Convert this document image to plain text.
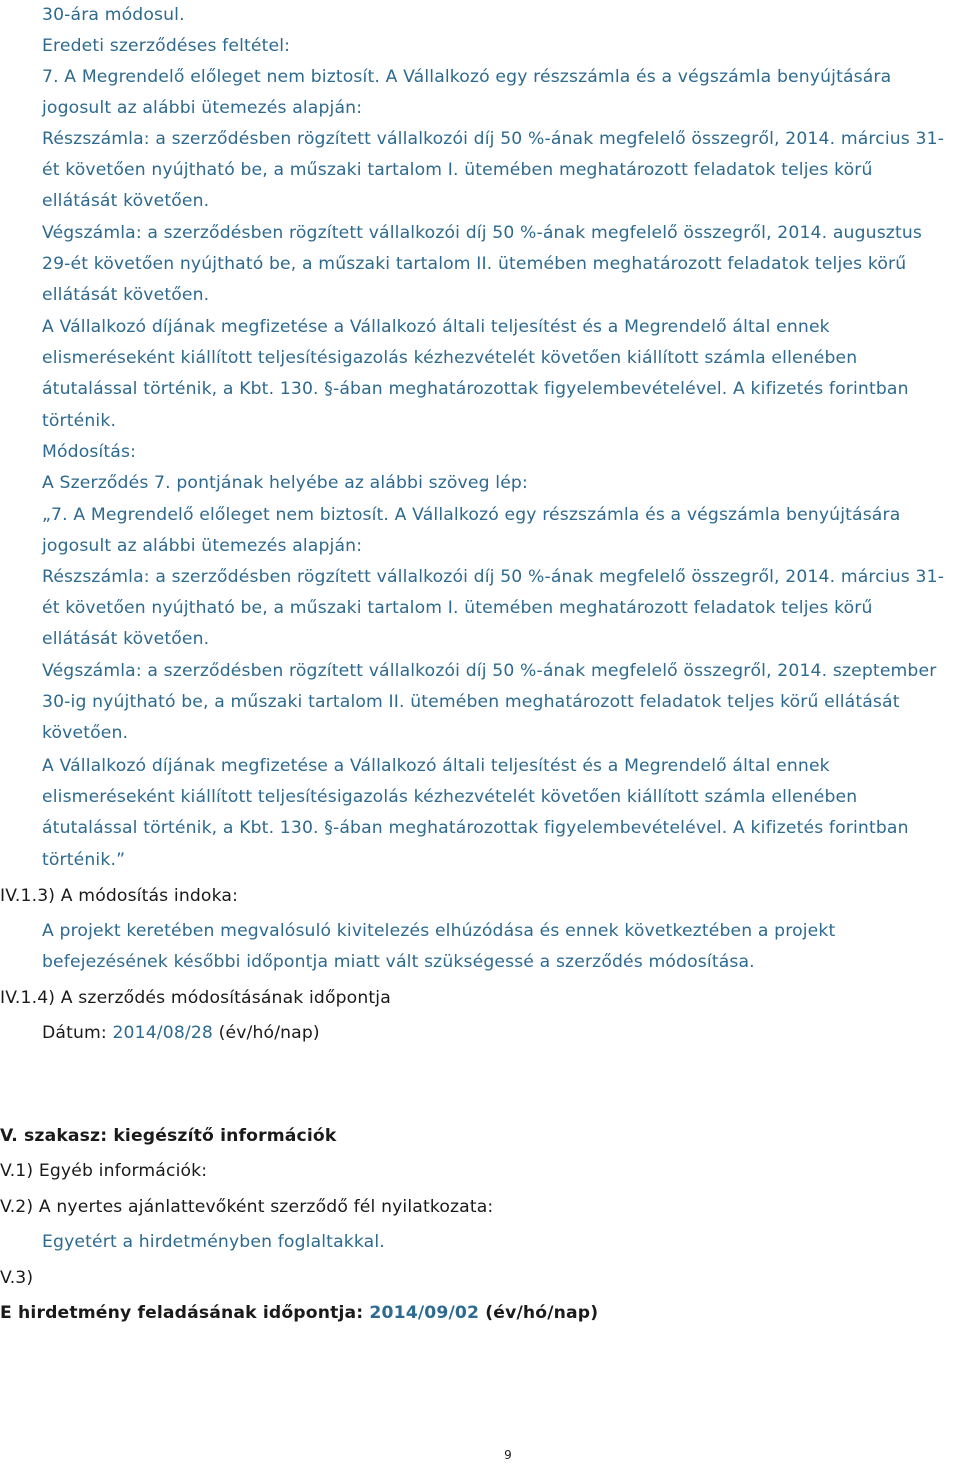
30-ára módosul.

Eredeti szerződéses feltétel:

7. A Megrendelő előleget nem biztosít. A Vállalkozó egy részszámla és a végszámla benyújtására jogosult az alábbi ütemezés alapján:

Részszámla: a szerződésben rögzített vállalkozói díj 50 %-ának megfelelő összegről, 2014. március 31-ét követően nyújtható be, a műszaki tartalom I. ütemében meghatározott feladatok teljes körű ellátását követően.

Végszámla: a szerződésben rögzített vállalkozói díj 50 %-ának megfelelő összegről, 2014. augusztus 29-ét követően nyújtható be, a műszaki tartalom II. ütemében meghatározott feladatok teljes körű ellátását követően.

A Vállalkozó díjának megfizetése a Vállalkozó általi teljesítést és a Megrendelő által ennek elismeréseként kiállított teljesítésigazolás kézhezvételét követően kiállított számla ellenében átutalással történik, a Kbt. 130. §-ában meghatározottak figyelembevételével. A kifizetés forintban történik.

Módosítás:

A Szerződés 7. pontjának helyébe az alábbi szöveg lép:

„7. A Megrendelő előleget nem biztosít. A Vállalkozó egy részszámla és a végszámla benyújtására jogosult az alábbi ütemezés alapján:

Részszámla: a szerződésben rögzített vállalkozói díj 50 %-ának megfelelő összegről, 2014. március 31-ét követően nyújtható be, a műszaki tartalom I. ütemében meghatározott feladatok teljes körű ellátását követően.

Végszámla: a szerződésben rögzített vállalkozói díj 50 %-ának megfelelő összegről, 2014. szeptember 30-ig nyújtható be, a műszaki tartalom II. ütemében meghatározott feladatok teljes körű ellátását követően.

A Vállalkozó díjának megfizetése a Vállalkozó általi teljesítést és a Megrendelő által ennek elismeréseként kiállított teljesítésigazolás kézhezvételét követően kiállított számla ellenében átutalással történik, a Kbt. 130. §-ában meghatározottak figyelembevételével. A kifizetés forintban történik.”

IV.1.3) A módosítás indoka:

A projekt keretében megvalósuló kivitelezés elhúzódása és ennek következtében a projekt befejezésének későbbi időpontja miatt vált szükségessé a szerződés módosítása.

IV.1.4) A szerződés módosításának időpontja

Dátum: 2014/08/28 (év/hó/nap)

V. szakasz: kiegészítő információk

V.1) Egyéb információk:

V.2) A nyertes ajánlattevőként szerződő fél nyilatkozata:

Egyetért a hirdetményben foglaltakkal.

V.3)

E hirdetmény feladásának időpontja: 2014/09/02 (év/hó/nap)

9
